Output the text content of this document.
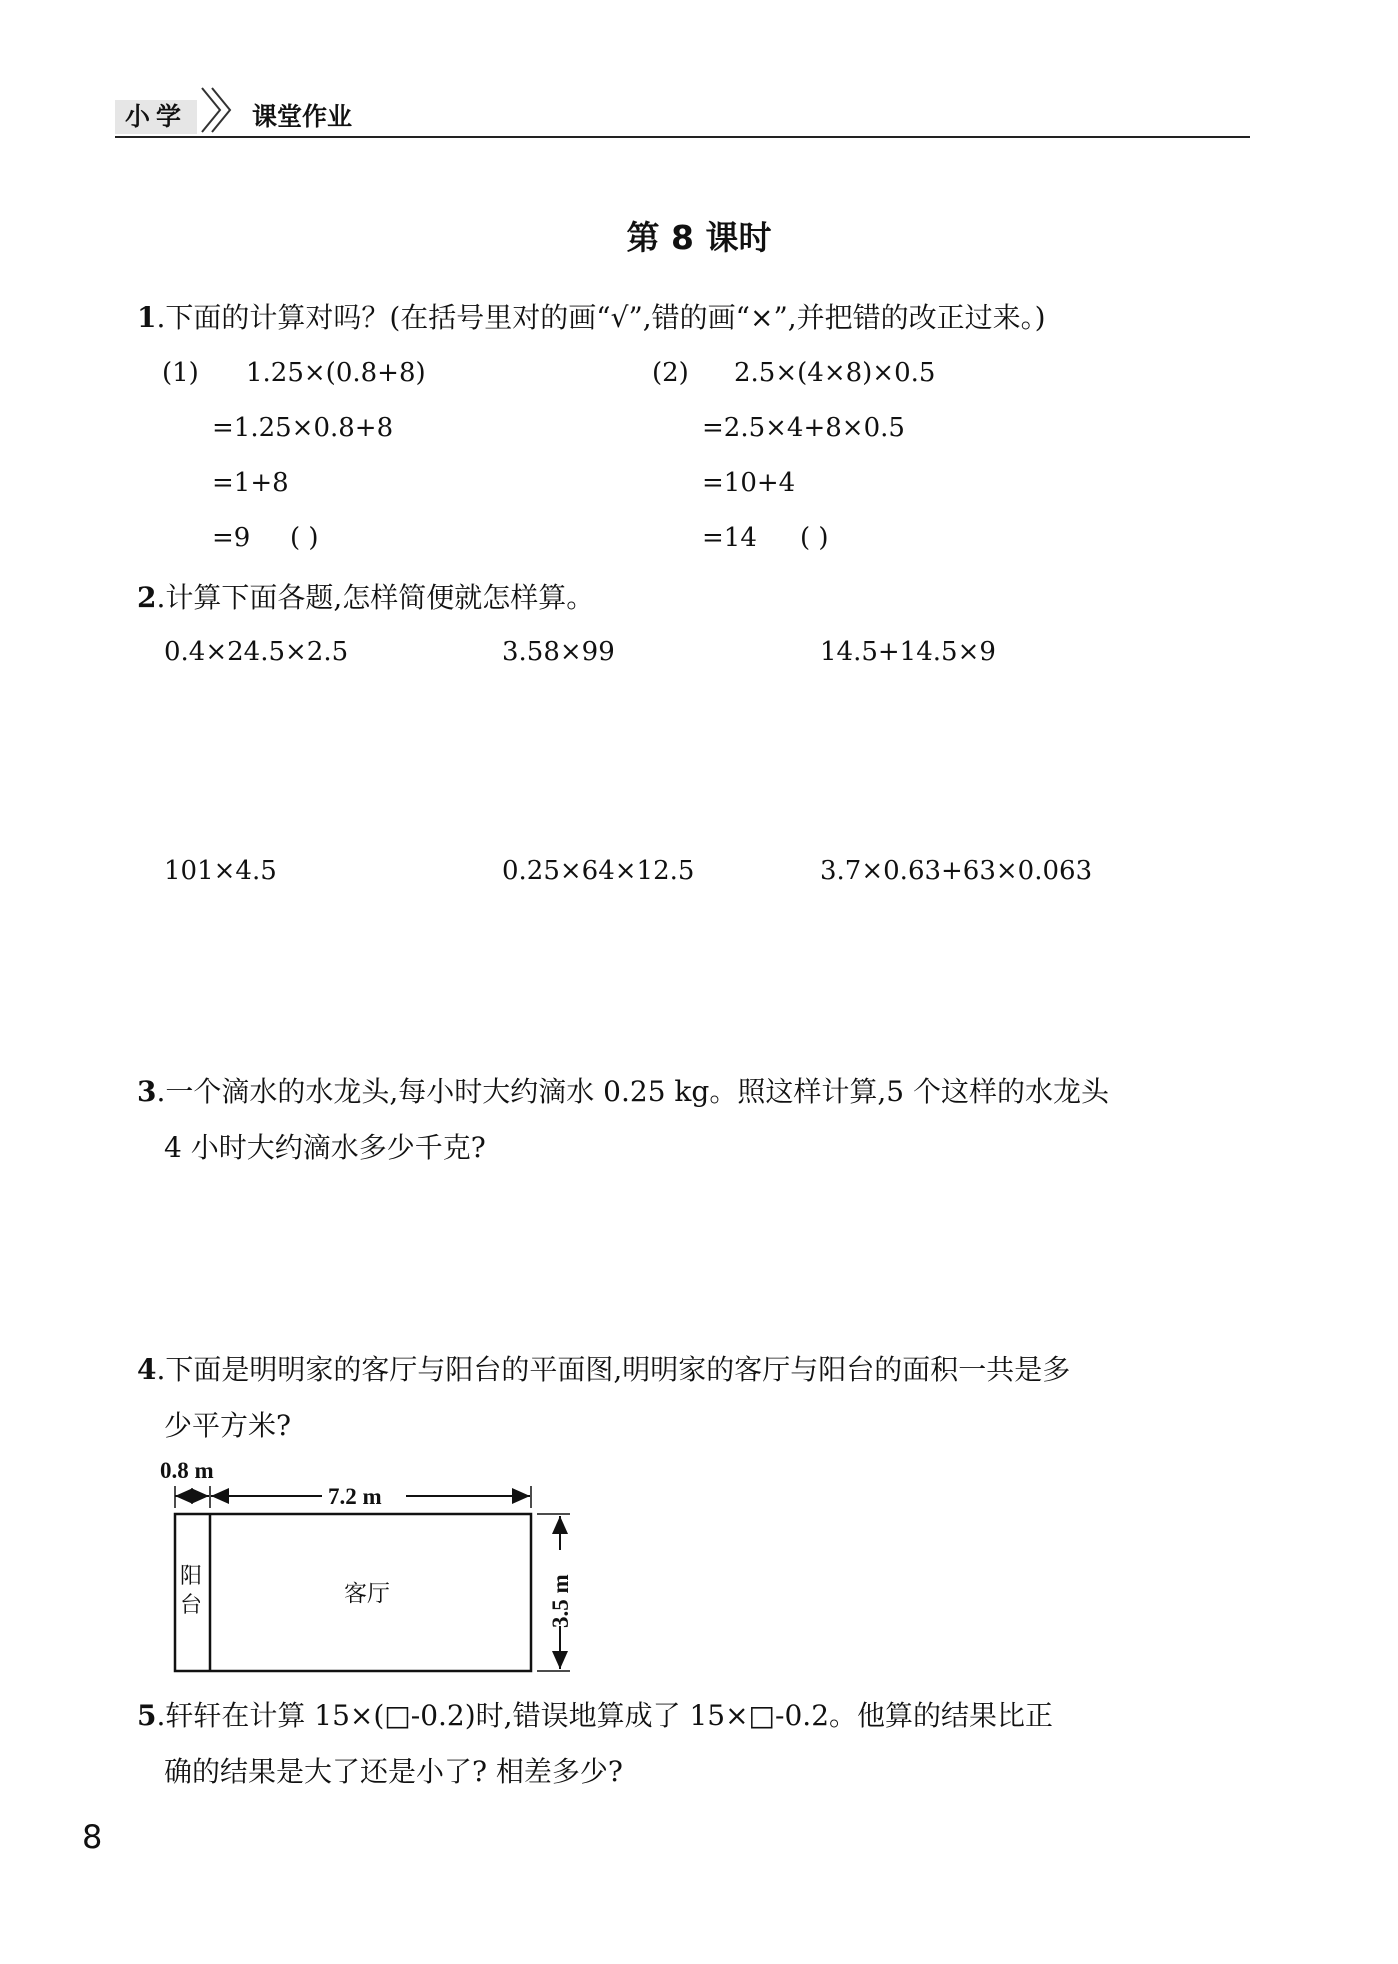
小学	课堂作业
第 8 课时
1.下面的计算对吗？(在括号里对的画“√”,错的画“×”,并把错的改正过来。)
(1) 1.25×(0.8+8)
=1.25×0.8+8
=1+8
=9 ( )
(2) 2.5×(4×8)×0.5
=2.5×4+8×0.5
=10+4
=14 ( )
2.计算下面各题,怎样简便就怎样算。
0.4×24.5×2.5	3.58×99	14.5+14.5×9
101×4.5	0.25×64×12.5	3.7×0.63+63×0.063
3.一个滴水的水龙头,每小时大约滴水 0.25 kg。照这样计算,5 个这样的水龙头
4 小时大约滴水多少千克?
4.下面是明明家的客厅与阳台的平面图,明明家的客厅与阳台的面积一共是多
少平方米?
0.8 m
7.2 m
3.5 m
阳
台	客厅
5.轩轩在计算 15×(□-0.2)时,错误地算成了 15×□-0.2。他算的结果比正
确的结果是大了还是小了? 相差多少?
8
